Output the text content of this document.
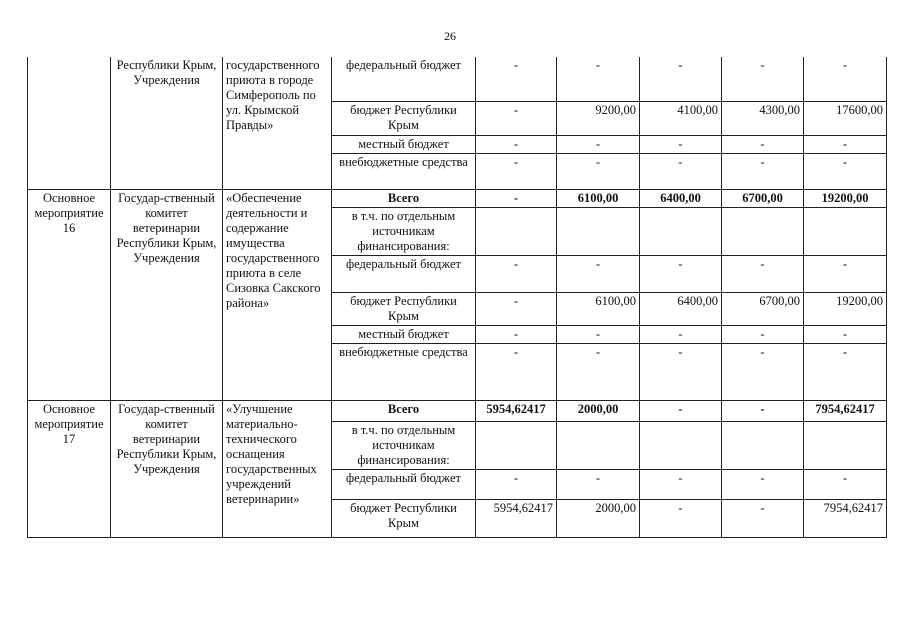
26
	Республики Крым, Учреждения	государственного приюта в городе Симферополь по ул. Крымской Правды»	федеральный бюджет	-	-	-	-	-
			бюджет Республики Крым	-	9200,00	4100,00	4300,00	17600,00
			местный бюджет	-	-	-	-	-
			внебюджетные средства	-	-	-	-	-
Основное мероприятие 16	Государ-ственный комитет ветеринарии Республики Крым, Учреждения	«Обеспечение деятельности и содержание имущества государственного приюта в селе Сизовка Сакского района»	Всего	-	6100,00	6400,00	6700,00	19200,00
			в т.ч. по отдельным источникам финансирования:					
			федеральный бюджет	-	-	-	-	-
			бюджет Республики Крым	-	6100,00	6400,00	6700,00	19200,00
			местный бюджет	-	-	-	-	-
			внебюджетные средства	-	-	-	-	-
Основное мероприятие 17	Государ-ственный комитет ветеринарии Республики Крым, Учреждения	«Улучшение материально-технического оснащения государственных учреждений ветеринарии»	Всего	5954,62417	2000,00	-	-	7954,62417
			в т.ч. по отдельным источникам финансирования:					
			федеральный бюджет	-	-	-	-	-
			бюджет Республики Крым	5954,62417	2000,00	-	-	7954,62417
